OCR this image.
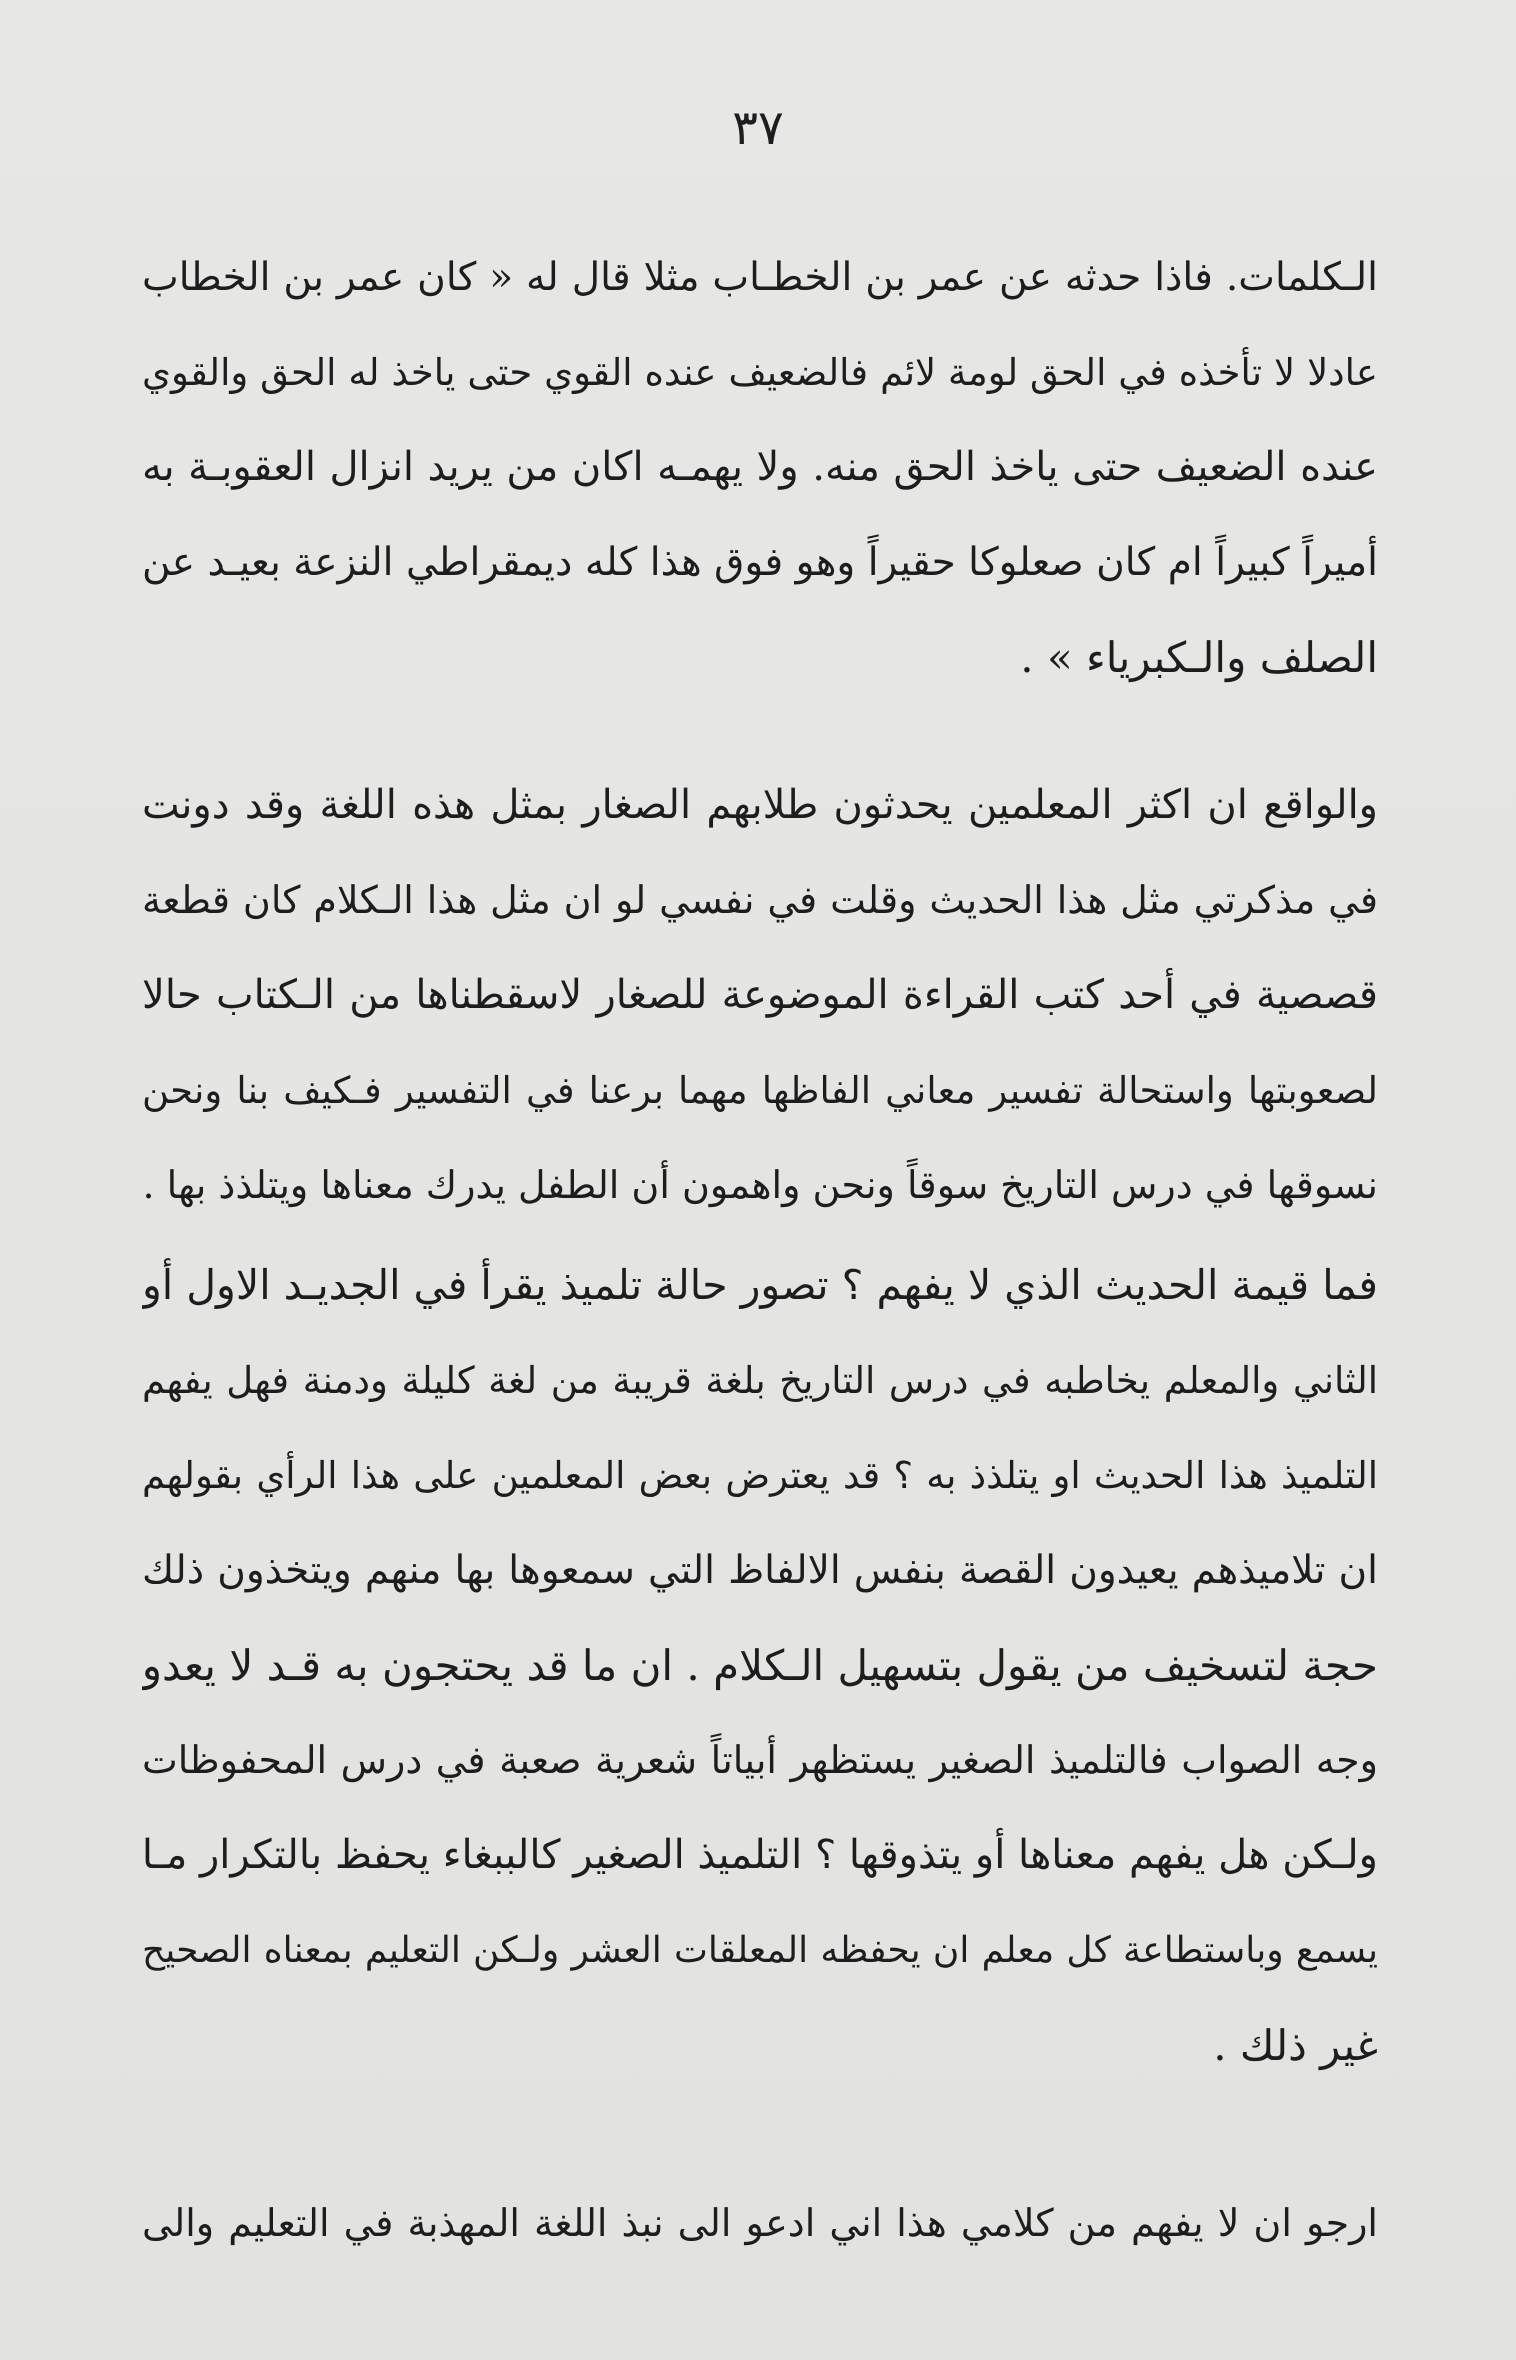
٣٧
الـكلمات. فاذا حدثه عن عمر بن الخطـاب مثلا قال له « كان عمر بن الخطاب
عادلا لا تأخذه في الحق لومة لائم فالضعيف عنده القوي حتى ياخذ له الحق والقوي
عنده الضعيف حتى ياخذ الحق منه. ولا يهمـه اكان من يريد انزال العقوبـة به
أميراً كبيراً ام كان صعلوكا حقيراً وهو فوق هذا كله ديمقراطي النزعة بعيـد عن
الصلف والـكبرياء » .
والواقع ان اكثر المعلمين يحدثون طلابهم الصغار بمثل هذه اللغة وقد دونت
في مذكرتي مثل هذا الحديث وقلت في نفسي لو ان مثل هذا الـكلام كان قطعة
قصصية في أحد كتب القراءة الموضوعة للصغار لاسقطناها من الـكتاب حالا
لصعوبتها واستحالة تفسير معاني الفاظها مهما برعنا في التفسير فـكيف بنا ونحن
نسوقها في درس التاريخ سوقاً ونحن واهمون أن الطفل يدرك معناها ويتلذذ بها .
فما قيمة الحديث الذي لا يفهم ؟ تصور حالة تلميذ يقرأ في الجديـد الاول أو
الثاني والمعلم يخاطبه في درس التاريخ بلغة قريبة من لغة كليلة ودمنة فهل يفهم
التلميذ هذا الحديث او يتلذذ به ؟ قد يعترض بعض المعلمين على هذا الرأي بقولهم
ان تلاميذهم يعيدون القصة بنفس الالفاظ التي سمعوها بها منهم ويتخذون ذلك
حجة لتسخيف من يقول بتسهيل الـكلام . ان ما قد يحتجون به قـد لا يعدو
وجه الصواب فالتلميذ الصغير يستظهر أبياتاً شعرية صعبة في درس المحفوظات
ولـكن هل يفهم معناها أو يتذوقها ؟ التلميذ الصغير كالببغاء يحفظ بالتكرار مـا
يسمع وباستطاعة كل معلم ان يحفظه المعلقات العشر ولـكن التعليم بمعناه الصحيح
غير ذلك .
ارجو ان لا يفهم من كلامي هذا اني ادعو الى نبذ اللغة المهذبة في التعليم والى
